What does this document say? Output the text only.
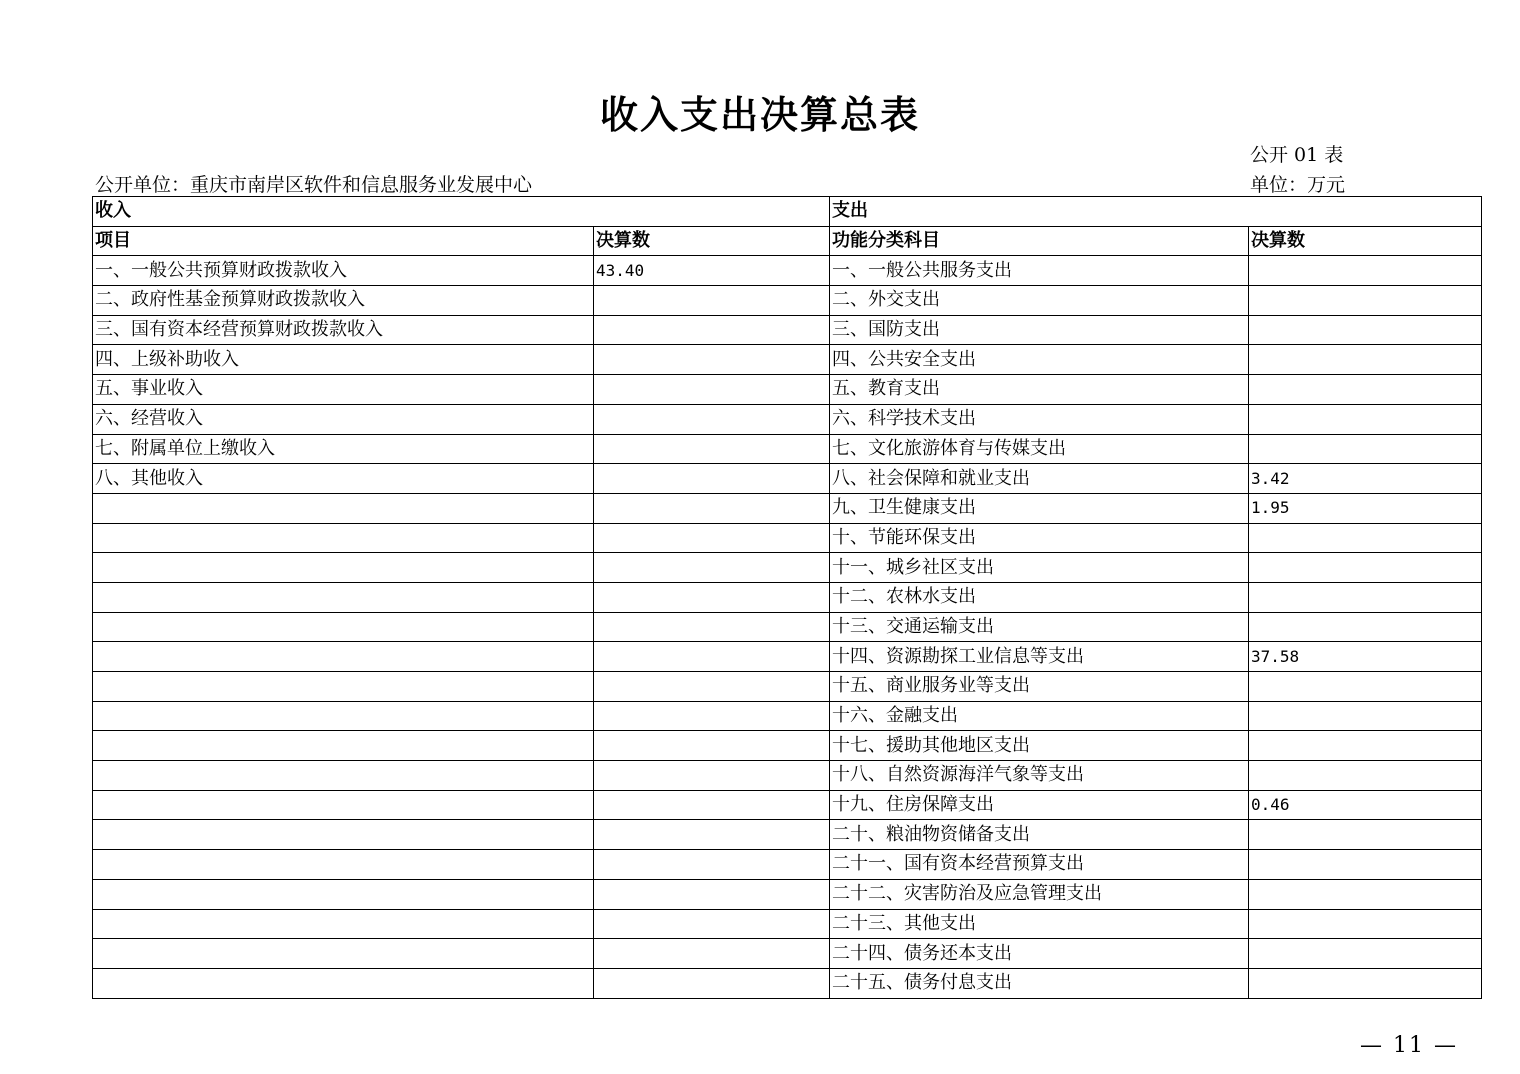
收入支出决算总表
公开 01 表
公开单位：重庆市南岸区软件和信息服务业发展中心	单位：万元
收入		支出	
项目	决算数	功能分类科目	决算数
一、一般公共预算财政拨款收入	43.40	一、一般公共服务支出	
二、政府性基金预算财政拨款收入		二、外交支出	
三、国有资本经营预算财政拨款收入		三、国防支出	
四、上级补助收入		四、公共安全支出	
五、事业收入		五、教育支出	
六、经营收入		六、科学技术支出	
七、附属单位上缴收入		七、文化旅游体育与传媒支出	
八、其他收入		八、社会保障和就业支出	3.42
		九、卫生健康支出	1.95
		十、节能环保支出	
		十一、城乡社区支出	
		十二、农林水支出	
		十三、交通运输支出	
		十四、资源勘探工业信息等支出	37.58
		十五、商业服务业等支出	
		十六、金融支出	
		十七、援助其他地区支出	
		十八、自然资源海洋气象等支出	
		十九、住房保障支出	0.46
		二十、粮油物资储备支出	
		二十一、国有资本经营预算支出	
		二十二、灾害防治及应急管理支出	
		二十三、其他支出	
		二十四、债务还本支出	
		二十五、债务付息支出	
— 11 —
